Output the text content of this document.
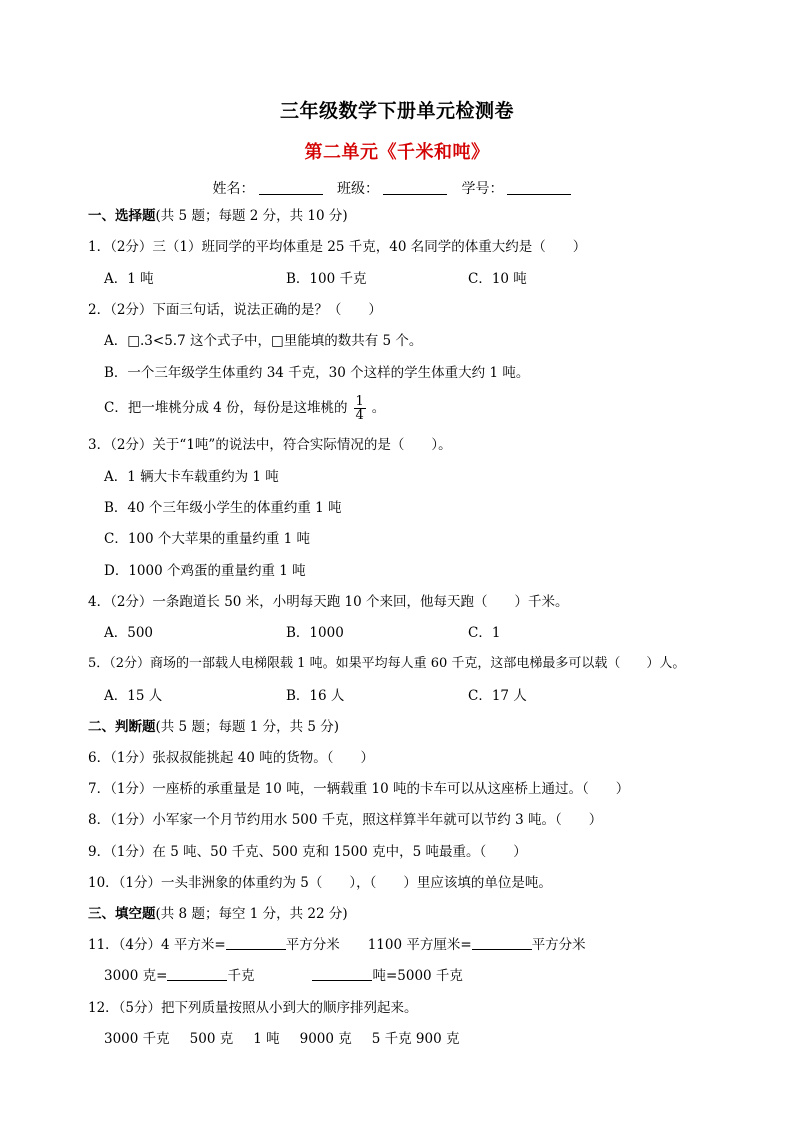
三年级数学下册单元检测卷
第二单元《千米和吨》
姓名：	班级：	学号：
一、选择题(共 5 题；每题 2 分，共 10 分)
1．（2分）三（1）班同学的平均体重是 25 千克，40 名同学的体重大约是（　　）
A．1 吨	B．100 千克	C．10 吨
2．（2分）下面三句话，说法正确的是？（　　）
A．□.3<5.7 这个式子中，□里能填的数共有 5 个。
B．一个三年级学生体重约 34 千克，30 个这样的学生体重大约 1 吨。
C．把一堆桃分成 4 份，每份是这堆桃的 $\frac{1}{4}$ 。
3．（2分）关于“1吨”的说法中，符合实际情况的是（　　）。
A．1 辆大卡车载重约为 1 吨
B．40 个三年级小学生的体重约重 1 吨
C．100 个大苹果的重量约重 1 吨
D．1000 个鸡蛋的重量约重 1 吨
4．（2分）一条跑道长 50 米，小明每天跑 10 个来回，他每天跑（　　）千米。
A．500	B．1000	C．1
5．（2分）商场的一部载人电梯限载 1 吨。如果平均每人重 60 千克，这部电梯最多可以载（　　）人。
A．15 人	B．16 人	C．17 人
二、判断题(共 5 题；每题 1 分，共 5 分)
6．（1分）张叔叔能挑起 40 吨的货物。（　　）
7．（1分）一座桥的承重量是 10 吨，一辆载重 10 吨的卡车可以从这座桥上通过。（　　）
8．（1分）小军家一个月节约用水 500 千克，照这样算半年就可以节约 3 吨。（　　）
9．（1分）在 5 吨、50 千克、500 克和 1500 克中，5 吨最重。（　　）
10．（1分）一头非洲象的体重约为 5（　　），（　　）里应该填的单位是吨。
三、填空题(共 8 题；每空 1 分，共 22 分)
11．（4分）4 平方米=	平方分米 1100 平方厘米=	平方分米
3000 克=	千克	吨=5000 千克
12．（5分）把下列质量按照从小到大的顺序排列起来。
3000 千克 500 克 1 吨 9000 克 5 千克 900 克
